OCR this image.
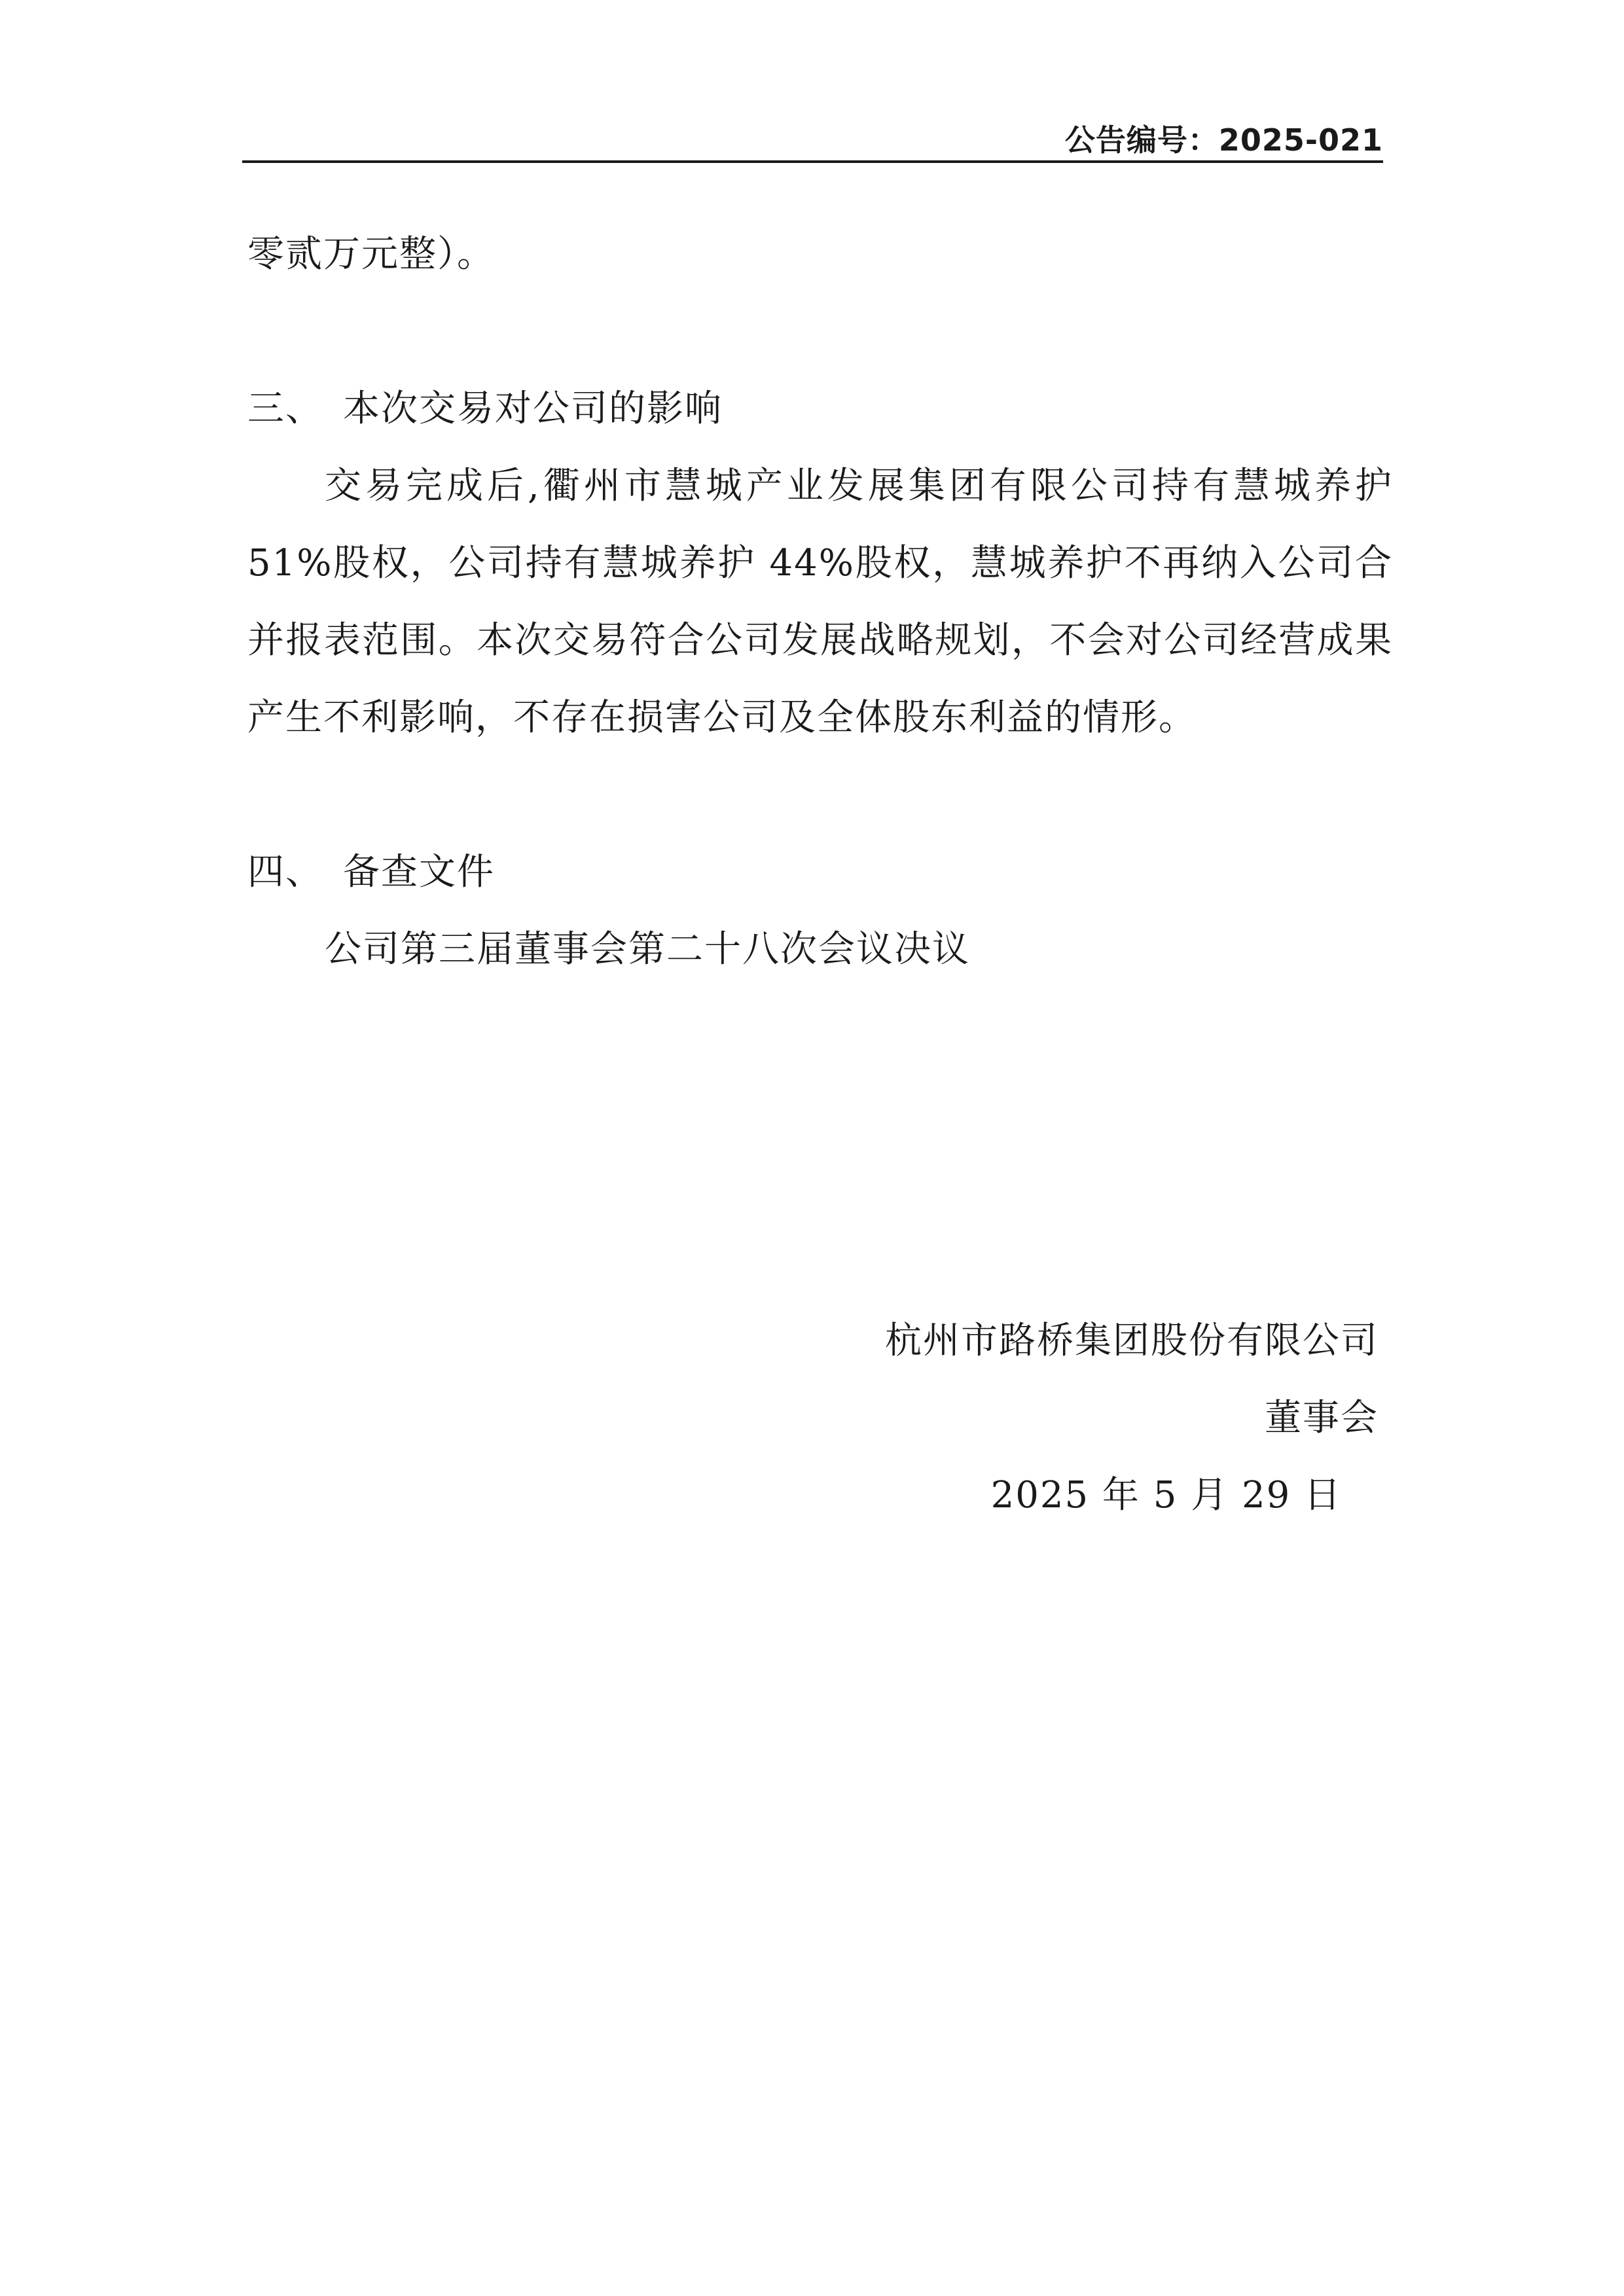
公告编号：2025-021
零贰万元整）。
三、 本次交易对公司的影响
交易完成后,衢州市慧城产业发展集团有限公司持有慧城养护 51%股权，公司持有慧城养护 44%股权，慧城养护不再纳入公司合并报表范围。本次交易符合公司发展战略规划，不会对公司经营成果产生不利影响，不存在损害公司及全体股东利益的情形。
四、 备查文件
公司第三届董事会第二十八次会议决议
杭州市路桥集团股份有限公司
董事会
2025 年 5 月 29 日
